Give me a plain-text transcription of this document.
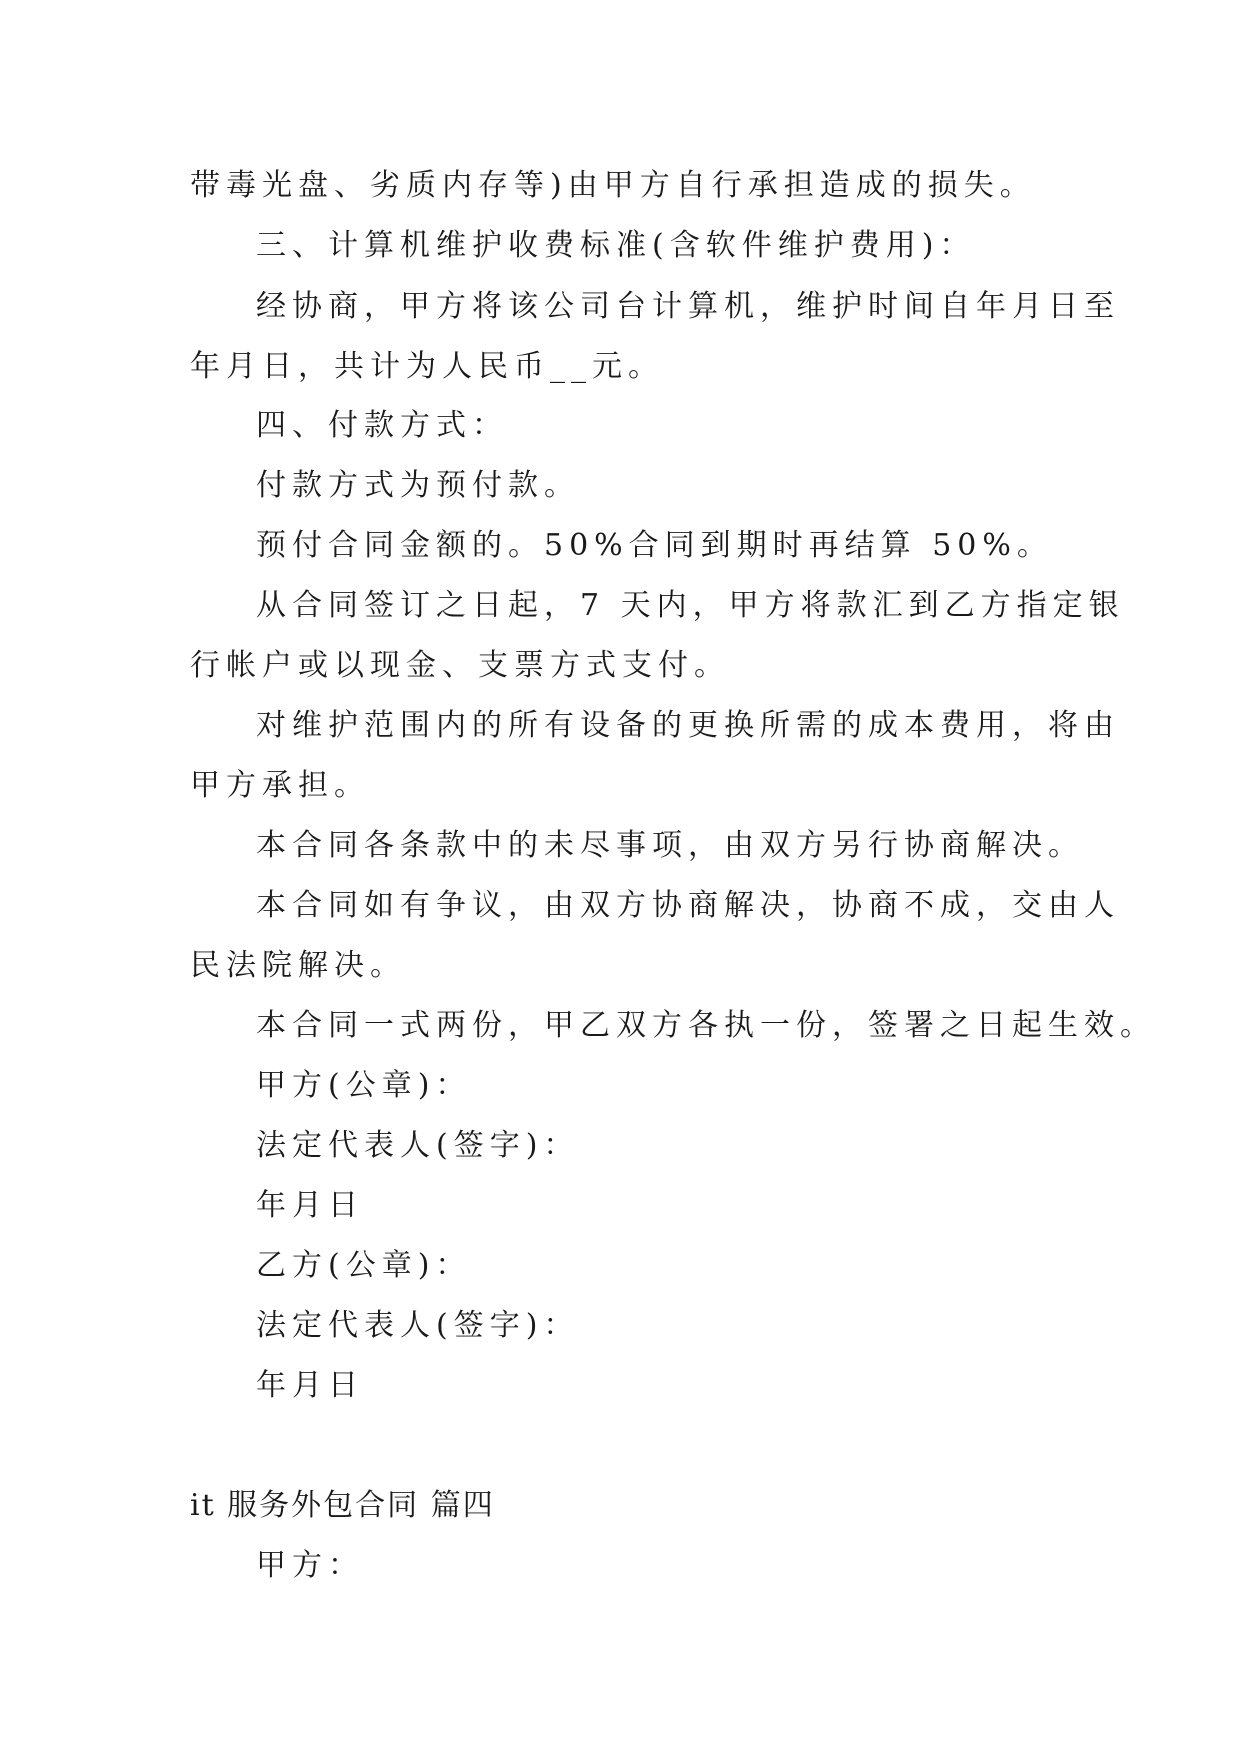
带毒光盘、劣质内存等)由甲方自行承担造成的损失。
三、计算机维护收费标准(含软件维护费用)：
经协商，甲方将该公司台计算机，维护时间自年月日至
年月日，共计为人民币__元。
四、付款方式：
付款方式为预付款。
预付合同金额的。50%合同到期时再结算 50%。
从合同签订之日起，7 天内，甲方将款汇到乙方指定银
行帐户或以现金、支票方式支付。
对维护范围内的所有设备的更换所需的成本费用，将由
甲方承担。
本合同各条款中的未尽事项，由双方另行协商解决。
本合同如有争议，由双方协商解决，协商不成，交由人
民法院解决。
本合同一式两份，甲乙双方各执一份，签署之日起生效。
甲方(公章)：
法定代表人(签字)：
年月日
乙方(公章)：
法定代表人(签字)：
年月日
it 服务外包合同 篇四
甲方：
